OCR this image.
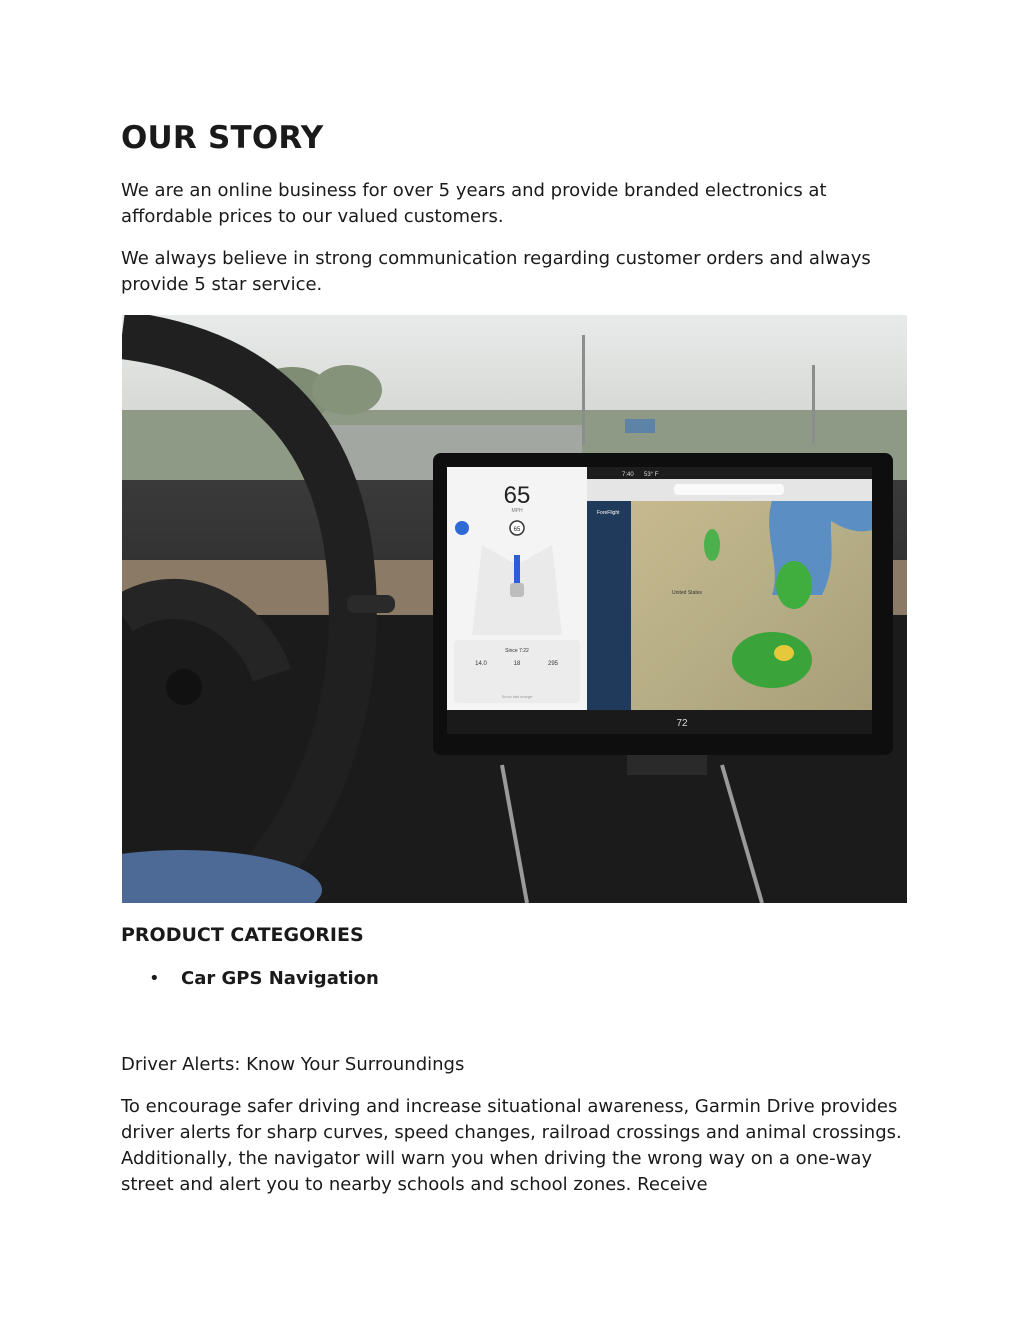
OUR STORY

We are an online business for over 5 years and provide branded electronics at affordable prices to our valued customers.

We always believe in strong communication regarding customer orders and always provide 5 star service.

65
MPH
65
Since 7:22
14.0	18	295
Since last charge
7:40 53° F
ForeFlight
United States
72
PRODUCT CATEGORIES
• Car GPS Navigation

Driver Alerts: Know Your Surroundings

To encourage safer driving and increase situational awareness, Garmin Drive provides driver alerts for sharp curves, speed changes, railroad crossings and animal crossings. Additionally, the navigator will warn you when driving the wrong way on a one-way street and alert you to nearby schools and school zones. Receive
